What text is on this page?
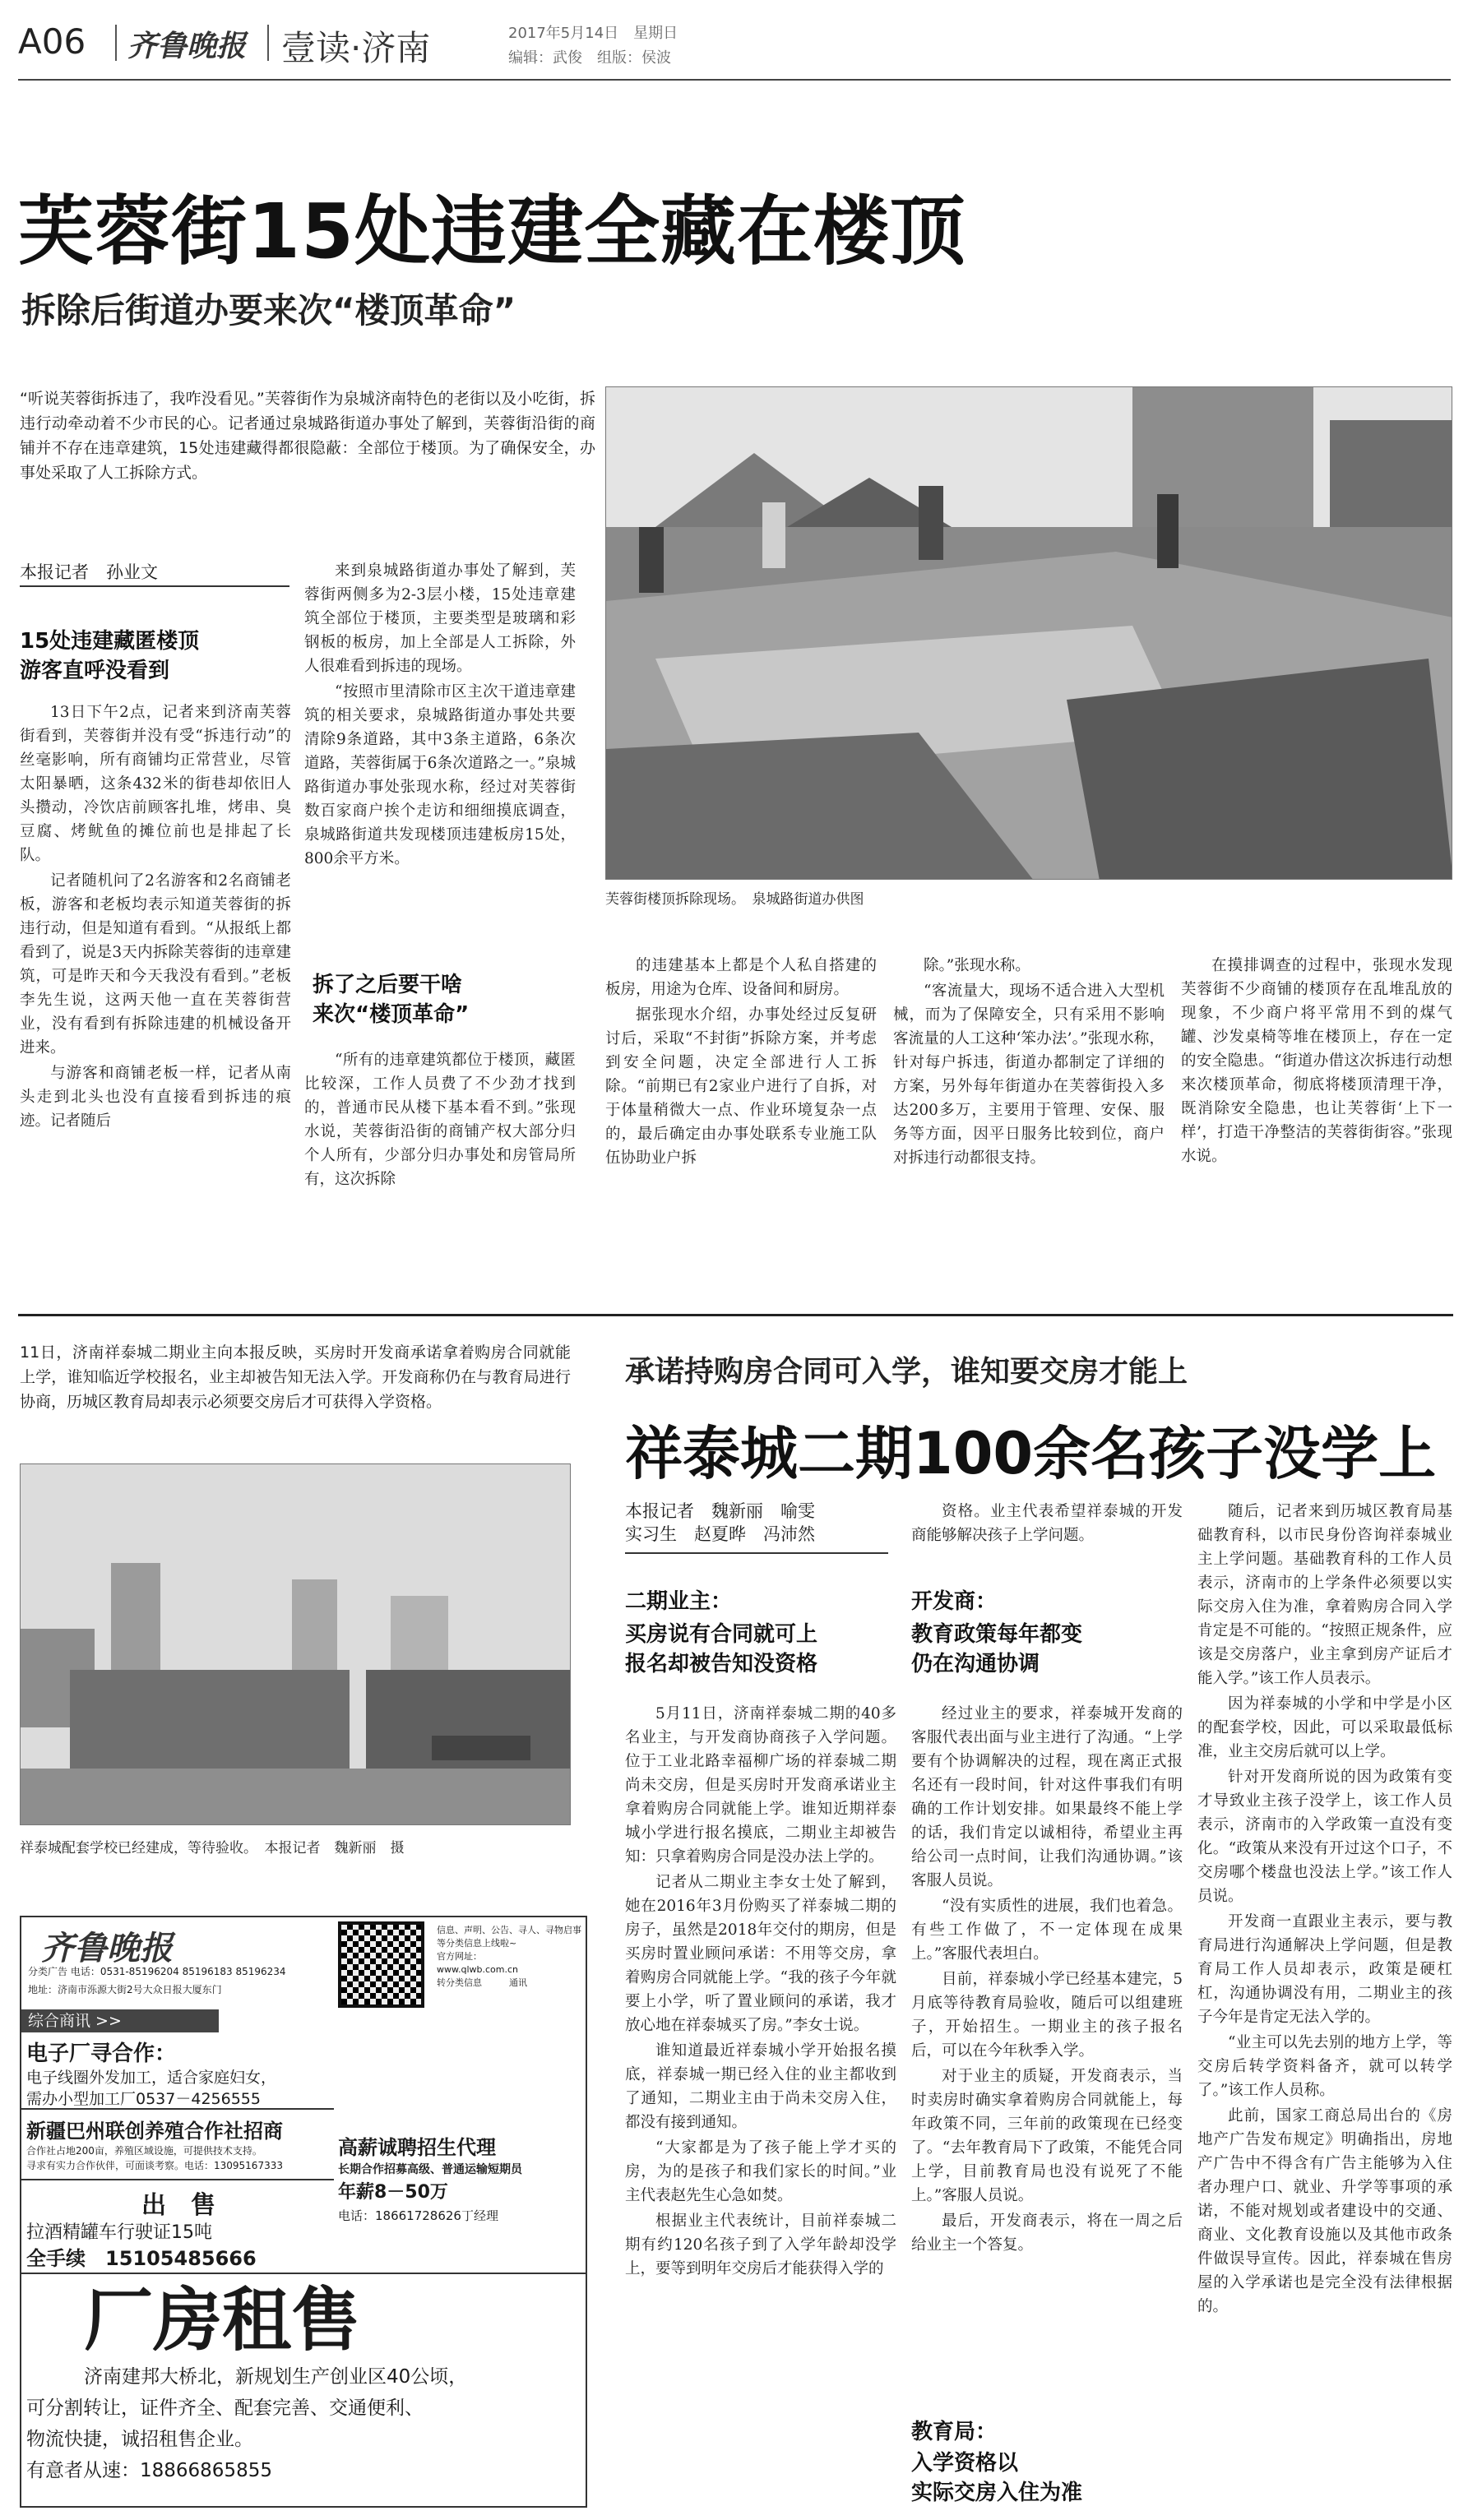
A06 齐鲁晚报 壹读·济南	2017年5月14日　星期日
编辑：武俊　组版：侯波
芙蓉街15处违建全藏在楼顶
拆除后街道办要来次“楼顶革命”

“听说芙蓉街拆违了，我咋没看见。”芙蓉街作为泉城济南特色的老街以及小吃街，拆违行动牵动着不少市民的心。记者通过泉城路街道办事处了解到，芙蓉街沿街的商铺并不存在违章建筑，15处违建藏得都很隐蔽：全部位于楼顶。为了确保安全，办事处采取了人工拆除方式。

本报记者　孙业文
15处违建藏匿楼顶
游客直呼没看到

13日下午2点，记者来到济南芙蓉街看到，芙蓉街并没有受“拆违行动”的丝毫影响，所有商铺均正常营业，尽管太阳暴晒，这条432米的街巷却依旧人头攒动，冷饮店前顾客扎堆，烤串、臭豆腐、烤鱿鱼的摊位前也是排起了长队。

记者随机问了2名游客和2名商铺老板，游客和老板均表示知道芙蓉街的拆违行动，但是知道有看到。“从报纸上都看到了，说是3天内拆除芙蓉街的违章建筑，可是昨天和今天我没有看到。”老板李先生说，这两天他一直在芙蓉街营业，没有看到有拆除违建的机械设备开进来。

与游客和商铺老板一样，记者从南头走到北头也没有直接看到拆违的痕迹。记者随后

来到泉城路街道办事处了解到，芙蓉街两侧多为2-3层小楼，15处违章建筑全部位于楼顶，主要类型是玻璃和彩钢板的板房，加上全部是人工拆除，外人很难看到拆违的现场。

“按照市里清除市区主次干道违章建筑的相关要求，泉城路街道办事处共要清除9条道路，其中3条主道路，6条次道路，芙蓉街属于6条次道路之一。”泉城路街道办事处张现水称，经过对芙蓉街数百家商户挨个走访和细细摸底调查，泉城路街道共发现楼顶违建板房15处，800余平方米。

拆了之后要干啥
来次“楼顶革命”

“所有的违章建筑都位于楼顶，藏匿比较深，工作人员费了不少劲才找到的，普通市民从楼下基本看不到。”张现水说，芙蓉街沿街的商铺产权大部分归个人所有，少部分归办事处和房管局所有，这次拆除

芙蓉街楼顶拆除现场。　泉城路街道办供图

的违建基本上都是个人私自搭建的板房，用途为仓库、设备间和厨房。

据张现水介绍，办事处经过反复研讨后，采取“不封街”拆除方案，并考虑到安全问题，决定全部进行人工拆除。“前期已有2家业户进行了自拆，对于体量稍微大一点、作业环境复杂一点的，最后确定由办事处联系专业施工队伍协助业户拆

除。”张现水称。

“客流量大，现场不适合进入大型机械，而为了保障安全，只有采用不影响客流量的人工这种‘笨办法’。”张现水称，针对每户拆违，街道办都制定了详细的方案，另外每年街道办在芙蓉街投入多达200多万，主要用于管理、安保、服务等方面，因平日服务比较到位，商户对拆违行动都很支持。

在摸排调查的过程中，张现水发现芙蓉街不少商铺的楼顶存在乱堆乱放的现象，不少商户将平常用不到的煤气罐、沙发桌椅等堆在楼顶上，存在一定的安全隐患。“街道办借这次拆违行动想来次楼顶革命，彻底将楼顶清理干净，既消除安全隐患，也让芙蓉街‘上下一样’，打造干净整洁的芙蓉街街容。”张现水说。

11日，济南祥泰城二期业主向本报反映，买房时开发商承诺拿着购房合同就能上学，谁知临近学校报名，业主却被告知无法入学。开发商称仍在与教育局进行协商，历城区教育局却表示必须要交房后才可获得入学资格。

承诺持购房合同可入学，谁知要交房才能上
祥泰城二期100余名孩子没学上
祥泰城配套学校已经建成，等待验收。　本报记者　魏新丽　摄
本报记者　魏新丽　喻雯
实习生　赵夏晔　冯沛然
二期业主：
买房说有合同就可上
报名却被告知没资格

5月11日，济南祥泰城二期的40多名业主，与开发商协商孩子入学问题。位于工业北路幸福柳广场的祥泰城二期尚未交房，但是买房时开发商承诺业主拿着购房合同就能上学。谁知近期祥泰城小学进行报名摸底，二期业主却被告知：只拿着购房合同是没办法上学的。

记者从二期业主李女士处了解到，她在2016年3月份购买了祥泰城二期的房子，虽然是2018年交付的期房，但是买房时置业顾问承诺：不用等交房，拿着购房合同就能上学。“我的孩子今年就要上小学，听了置业顾问的承诺，我才放心地在祥泰城买了房。”李女士说。

谁知道最近祥泰城小学开始报名摸底，祥泰城一期已经入住的业主都收到了通知，二期业主由于尚未交房入住，都没有接到通知。

“大家都是为了孩子能上学才买的房，为的是孩子和我们家长的时间。”业主代表赵先生心急如焚。

根据业主代表统计，目前祥泰城二期有约120名孩子到了入学年龄却没学上，要等到明年交房后才能获得入学的

资格。业主代表希望祥泰城的开发商能够解决孩子上学问题。

开发商：
教育政策每年都变
仍在沟通协调

经过业主的要求，祥泰城开发商的客服代表出面与业主进行了沟通。“上学要有个协调解决的过程，现在离正式报名还有一段时间，针对这件事我们有明确的工作计划安排。如果最终不能上学的话，我们肯定以诚相待，希望业主再给公司一点时间，让我们沟通协调。”该客服人员说。

“没有实质性的进展，我们也着急。有些工作做了，不一定体现在成果上。”客服代表坦白。

目前，祥泰城小学已经基本建完，5月底等待教育局验收，随后可以组建班子，开始招生。一期业主的孩子报名后，可以在今年秋季入学。

对于业主的质疑，开发商表示，当时卖房时确实拿着购房合同就能上，每年政策不同，三年前的政策现在已经变了。“去年教育局下了政策，不能凭合同上学，目前教育局也没有说死了不能上。”客服人员说。

最后，开发商表示，将在一周之后给业主一个答复。

教育局：
入学资格以
实际交房入住为准

随后，记者来到历城区教育局基础教育科，以市民身份咨询祥泰城业主上学问题。基础教育科的工作人员表示，济南市的上学条件必须要以实际交房入住为准，拿着购房合同入学肯定是不可能的。“按照正规条件，应该是交房落户，业主拿到房产证后才能入学。”该工作人员表示。

因为祥泰城的小学和中学是小区的配套学校，因此，可以采取最低标准，业主交房后就可以上学。

针对开发商所说的因为政策有变才导致业主孩子没学上，该工作人员表示，济南市的入学政策一直没有变化。“政策从来没有开过这个口子，不交房哪个楼盘也没法上学。”该工作人员说。

开发商一直跟业主表示，要与教育局进行沟通解决上学问题，但是教育局工作人员却表示，政策是硬杠杠，沟通协调没有用，二期业主的孩子今年是肯定无法入学的。

“业主可以先去别的地方上学，等交房后转学资料备齐，就可以转学了。”该工作人员称。

此前，国家工商总局出台的《房地产广告发布规定》明确指出，房地产广告中不得含有广告主能够为入住者办理户口、就业、升学等事项的承诺，不能对规划或者建设中的交通、商业、文化教育设施以及其他市政条件做误导宣传。因此，祥泰城在售房屋的入学承诺也是完全没有法律根据的。

齐鲁晚报
分类广告 电话：0531-85196204 85196183 85196234
地址：济南市泺源大街2号大众日报大厦东门
信息、声明、公告、寻人、寻物启事等分类信息上线啦~
官方网址：
www.qlwb.com.cn
转分类信息　　　通讯
综合商讯 >>
电子厂寻合作：
电子线圈外发加工，适合家庭妇女，
需办小型加工厂0537－4256555
新疆巴州联创养殖合作社招商
合作社占地200亩，养殖区域设施，可提供技术支持。
寻求有实力合作伙伴，可面谈考察。电话：13095167333
高薪诚聘招生代理
长期合作招募高级、普通运输短期员
年薪8－50万
电话：18661728626丁经理
出　售
拉酒精罐车行驶证15吨
全手续　15105485666
厂房租售
济南建邦大桥北，新规划生产创业区40公顷，
可分割转让，证件齐全、配套完善、交通便利、
物流快捷，诚招租售企业。
有意者从速：18866865855
